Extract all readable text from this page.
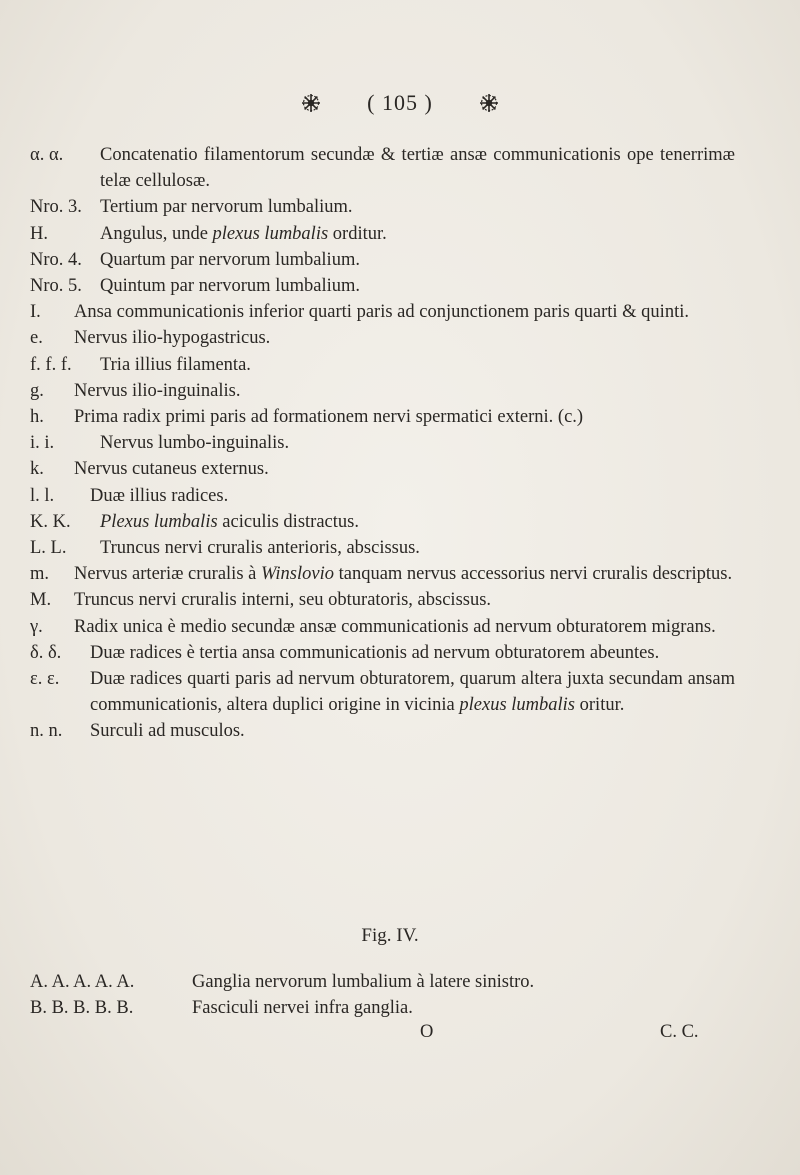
( 105 )
α. α. Concatenatio filamentorum secundæ & tertiæ ansæ communicationis ope tenerrimæ telæ cellulosæ.
Nro. 3. Tertium par nervorum lumbalium.
H.	Angulus, unde plexus lumbalis orditur.
Nro. 4. Quartum par nervorum lumbalium.
Nro. 5. Quintum par nervorum lumbalium.
I. Ansa communicationis inferior quarti paris ad conjunctionem paris quarti & quinti.
e. Nervus ilio-hypogastricus.
f. f. f. Tria illius filamenta.
g. Nervus ilio-inguinalis.
h. Prima radix primi paris ad formationem nervi spermatici externi. (c.)
i. i. Nervus lumbo-inguinalis.
k. Nervus cutaneus externus.
l. l. Duæ illius radices.
K. K. Plexus lumbalis aciculis distractus.
L. L. Truncus nervi cruralis anterioris, abscissus.
m. Nervus arteriæ cruralis à Winslovio tanquam nervus accessorius nervi cruralis descriptus.
M. Truncus nervi cruralis interni, seu obturatoris, abscissus.
γ. Radix unica è medio secundæ ansæ communicationis ad nervum obturatorem migrans.
δ. δ. Duæ radices è tertia ansa communicationis ad nervum obturatorem abeuntes.
ε. ε. Duæ radices quarti paris ad nervum obturatorem, quarum altera juxta secundam ansam communicationis, altera duplici origine in vicinia plexus lumbalis oritur.
n. n. Surculi ad musculos.
Fig. IV.
A. A. A. A. A.	Ganglia nervorum lumbalium à latere sinistro.
B. B. B. B. B.	Fasciculi nervei infra ganglia.
O	C. C.
